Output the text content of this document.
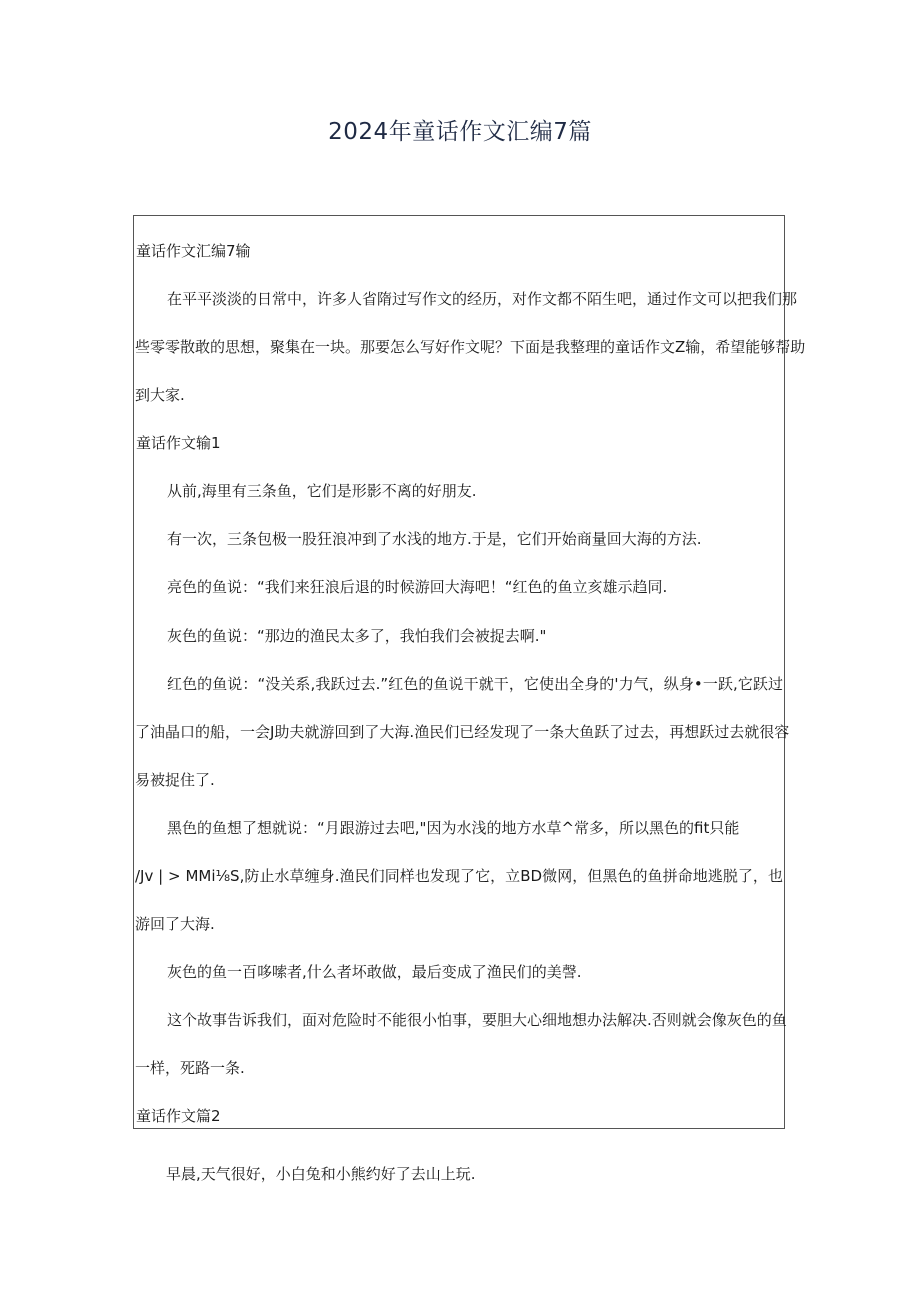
2024年童话作文汇编7篇
童话作文汇编7输
在平平淡淡的日常中，许多人省隋过写作文的经历，对作文都不陌生吧，通过作文可以把我们那
些零零散敢的思想，聚集在一块。那要怎么写好作文呢？下面是我整理的童话作文Z输，希望能够帮助
到大家.
童话作文输1
从前,海里有三条鱼，它们是形影不离的好朋友.
有一次，三条包极一股狂浪冲到了水浅的地方.于是，它们开始商量回大海的方法.
亮色的鱼说：“我们来狂浪后退的时候游回大海吧！“红色的鱼立亥雄示趋同.
灰色的鱼说：“那边的渔民太多了，我怕我们会被捉去啊."
红色的鱼说：“没关系,我跃过去.”红色的鱼说干就干，它使出全身的'力气，纵身•一跃,它跃过
了油晶口的船，一会J助夫就游回到了大海.渔民们已经发现了一条大鱼跃了过去，再想跃过去就很容
易被捉住了.
黑色的鱼想了想就说：“月跟游过去吧,"因为水浅的地方水草^常多，所以黑色的fit只能
/Jv | > MMi⅛S,防止水草缠身.渔民们同样也发现了它，立BD微网，但黑色的鱼拼命地逃脱了，也
游回了大海.
灰色的鱼一百哆嗦者,什么者坏敢做，最后变成了渔民们的美謦.
这个故事告诉我们，面对危险时不能很小怕事，要胆大心细地想办法解决.否则就会像灰色的鱼
一样，死路一条.
童话作文篇2
早晨,天气很好，小白兔和小熊约好了去山上玩.
